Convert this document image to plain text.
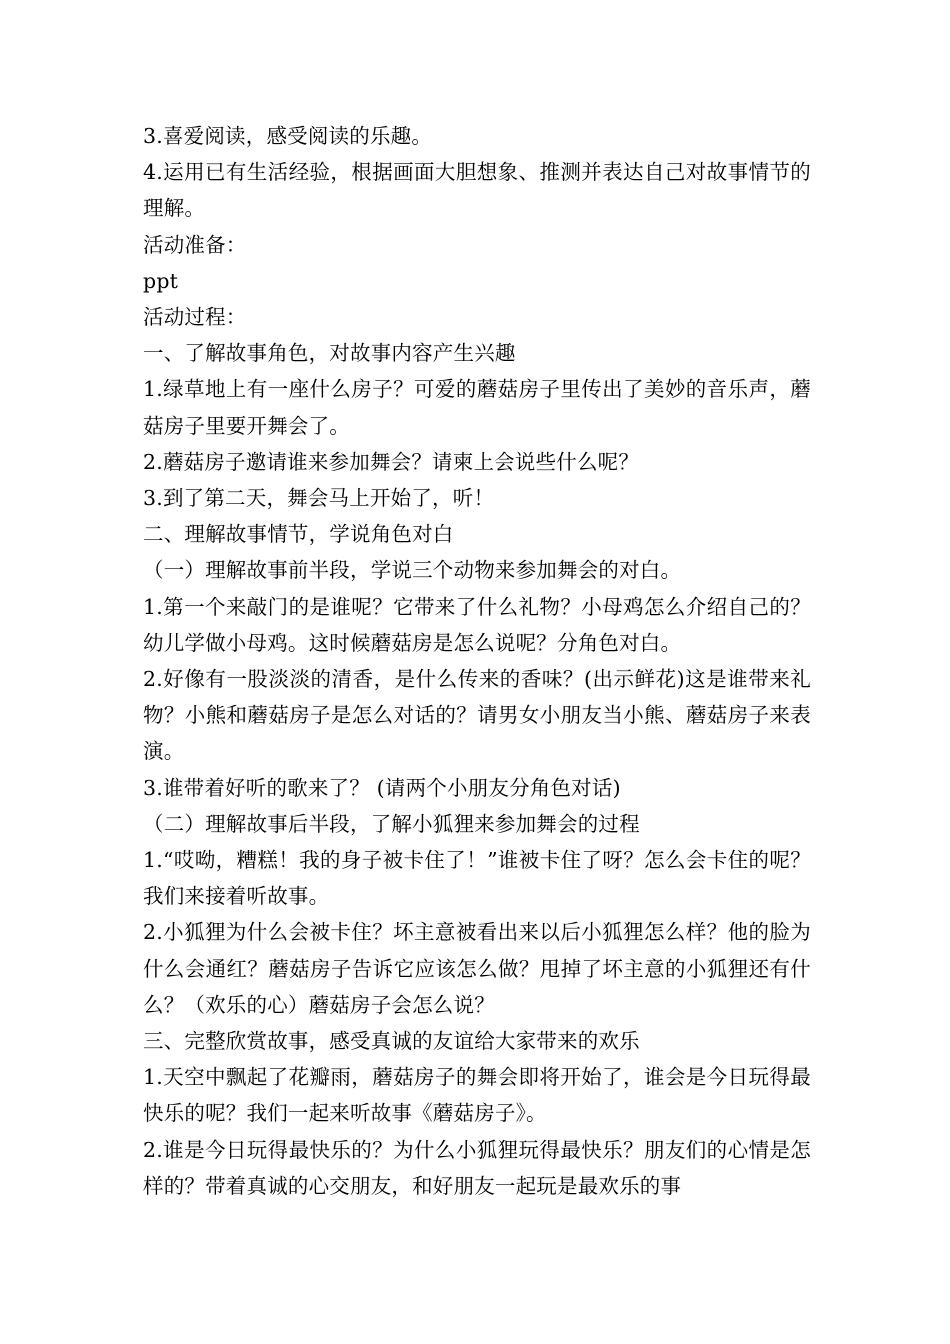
3.喜爱阅读，感受阅读的乐趣。

4.运用已有生活经验，根据画面大胆想象、推测并表达自己对故事情节的理解。

活动准备：

ppt

活动过程：

一、了解故事角色，对故事内容产生兴趣

1.绿草地上有一座什么房子？可爱的蘑菇房子里传出了美妙的音乐声，蘑菇房子里要开舞会了。

2.蘑菇房子邀请谁来参加舞会？请柬上会说些什么呢？

3.到了第二天，舞会马上开始了，听！

二、理解故事情节，学说角色对白

（一）理解故事前半段，学说三个动物来参加舞会的对白。

1.第一个来敲门的是谁呢？它带来了什么礼物？小母鸡怎么介绍自己的？幼儿学做小母鸡。这时候蘑菇房是怎么说呢？分角色对白。

2.好像有一股淡淡的清香，是什么传来的香味？(出示鲜花)这是谁带来礼物？小熊和蘑菇房子是怎么对话的？请男女小朋友当小熊、蘑菇房子来表演。

3.谁带着好听的歌来了？ (请两个小朋友分角色对话)

（二）理解故事后半段，了解小狐狸来参加舞会的过程

1.“哎呦，糟糕！我的身子被卡住了！”谁被卡住了呀？怎么会卡住的呢？我们来接着听故事。

2.小狐狸为什么会被卡住？坏主意被看出来以后小狐狸怎么样？他的脸为什么会通红？蘑菇房子告诉它应该怎么做？甩掉了坏主意的小狐狸还有什么？（欢乐的心）蘑菇房子会怎么说？

三、完整欣赏故事，感受真诚的友谊给大家带来的欢乐

1.天空中飘起了花瓣雨，蘑菇房子的舞会即将开始了，谁会是今日玩得最快乐的呢？我们一起来听故事《蘑菇房子》。

2.谁是今日玩得最快乐的？为什么小狐狸玩得最快乐？朋友们的心情是怎样的？带着真诚的心交朋友，和好朋友一起玩是最欢乐的事
